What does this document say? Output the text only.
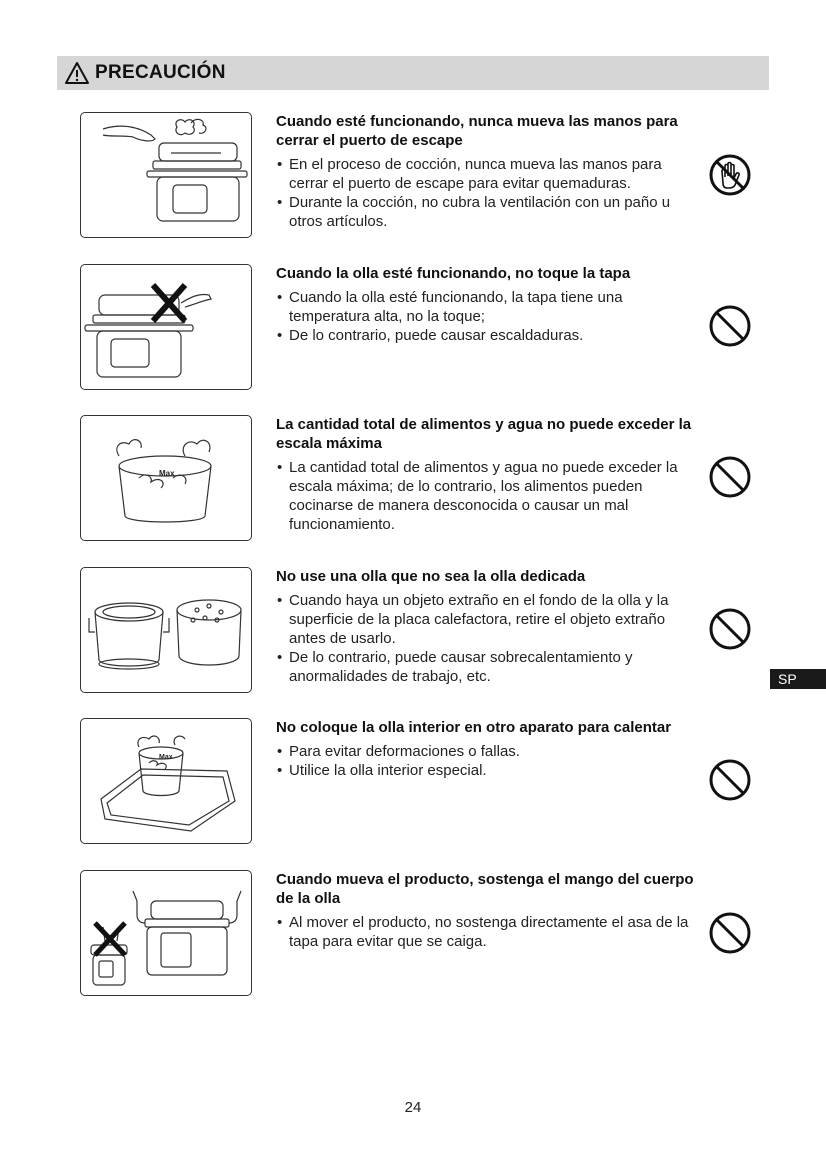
PRECAUCIÓN
Cuando esté funcionando, nunca mueva las manos para cerrar el puerto de escape
• En el proceso de cocción, nunca mueva las manos para cerrar el puerto de escape para evitar quemaduras.
• Durante la cocción, no cubra la ventilación con un paño u otros artículos.
Cuando la olla esté funcionando, no toque la tapa
• Cuando la olla esté funcionando, la tapa tiene una temperatura alta, no la toque;
• De lo contrario, puede causar escaldaduras.
Max
La cantidad total de alimentos y agua no puede exceder la escala máxima
• La cantidad total de alimentos y agua no puede exceder la escala máxima; de lo contrario, los alimentos pueden cocinarse de manera desconocida o causar un mal funcionamiento.
No use una olla que no sea la olla dedicada
• Cuando haya un objeto extraño en el fondo de la olla y la superficie de la placa calefactora, retire el objeto extraño antes de usarlo.
• De lo contrario, puede causar sobrecalentamiento y anormalidades de trabajo, etc.
Max
No coloque la olla interior en otro aparato para calentar
• Para evitar deformaciones o fallas.
• Utilice la olla interior especial.
Cuando mueva el producto, sostenga el mango del cuerpo de la olla
• Al mover el producto, no sostenga directamente el asa de la tapa para evitar que se caiga.
SP
24
